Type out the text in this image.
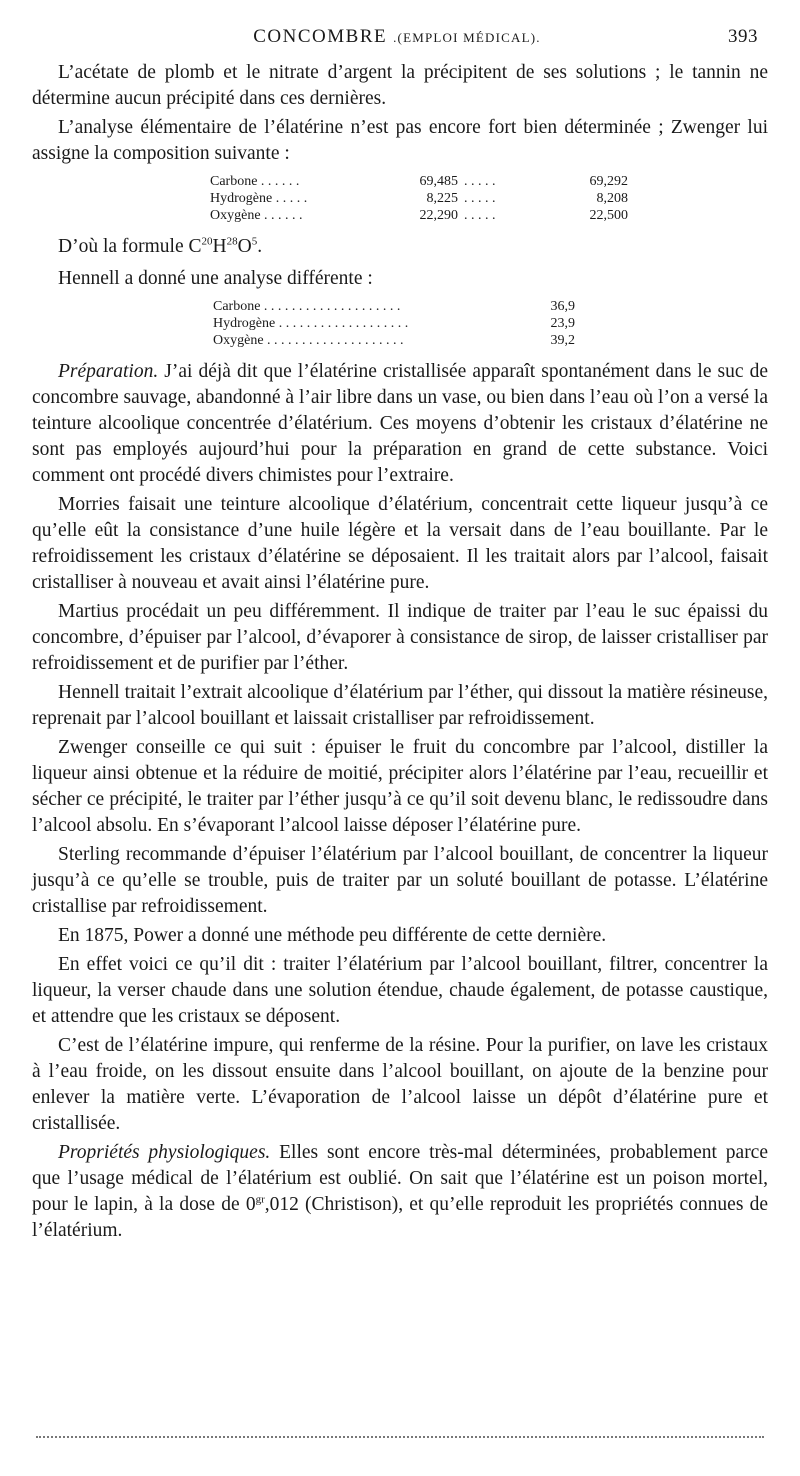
CONCOMBRE .(EMPLOI MÉDICAL).	393

L’acétate de plomb et le nitrate d’argent la précipitent de ses solutions ; le tannin ne détermine aucun précipité dans ces dernières.

L’analyse élémentaire de l’élatérine n’est pas encore fort bien déterminée ; Zwenger lui assigne la composition suivante :

Carbone . . . . . .	69,485 . . . . .	69,292
Hydrogène . . . . .	8,225 . . . . .	8,208
Oxygène . . . . . .	22,290 . . . . .	22,500

D’où la formule $C^{20}H^{28}O^5$.

Hennell a donné une analyse différente :

Carbone . . . . . . . . . . . . . . . . . . . .	36,9
Hydrogène . . . . . . . . . . . . . . . . . . .	23,9
Oxygène . . . . . . . . . . . . . . . . . . . .	39,2

Préparation. J’ai déjà dit que l’élatérine cristallisée apparaît spontanément dans le suc de concombre sauvage, abandonné à l’air libre dans un vase, ou bien dans l’eau où l’on a versé la teinture alcoolique concentrée d’élatérium. Ces moyens d’obtenir les cristaux d’élatérine ne sont pas employés aujourd’hui pour la préparation en grand de cette substance. Voici comment ont procédé divers chimistes pour l’extraire.

Morries faisait une teinture alcoolique d’élatérium, concentrait cette liqueur jusqu’à ce qu’elle eût la consistance d’une huile légère et la versait dans de l’eau bouillante. Par le refroidissement les cristaux d’élatérine se déposaient. Il les traitait alors par l’alcool, faisait cristalliser à nouveau et avait ainsi l’élatérine pure.

Martius procédait un peu différemment. Il indique de traiter par l’eau le suc épaissi du concombre, d’épuiser par l’alcool, d’évaporer à consistance de sirop, de laisser cristalliser par refroidissement et de purifier par l’éther.

Hennell traitait l’extrait alcoolique d’élatérium par l’éther, qui dissout la matière résineuse, reprenait par l’alcool bouillant et laissait cristalliser par refroidissement.

Zwenger conseille ce qui suit : épuiser le fruit du concombre par l’alcool, distiller la liqueur ainsi obtenue et la réduire de moitié, précipiter alors l’élatérine par l’eau, recueillir et sécher ce précipité, le traiter par l’éther jusqu’à ce qu’il soit devenu blanc, le redissoudre dans l’alcool absolu. En s’évaporant l’alcool laisse déposer l’élatérine pure.

Sterling recommande d’épuiser l’élatérium par l’alcool bouillant, de concentrer la liqueur jusqu’à ce qu’elle se trouble, puis de traiter par un soluté bouillant de potasse. L’élatérine cristallise par refroidissement.

En 1875, Power a donné une méthode peu différente de cette dernière.

En effet voici ce qu’il dit : traiter l’élatérium par l’alcool bouillant, filtrer, concentrer la liqueur, la verser chaude dans une solution étendue, chaude également, de potasse caustique, et attendre que les cristaux se déposent.

C’est de l’élatérine impure, qui renferme de la résine. Pour la purifier, on lave les cristaux à l’eau froide, on les dissout ensuite dans l’alcool bouillant, on ajoute de la benzine pour enlever la matière verte. L’évaporation de l’alcool laisse un dépôt d’élatérine pure et cristallisée.

Propriétés physiologiques. Elles sont encore très-mal déterminées, probablement parce que l’usage médical de l’élatérium est oublié. On sait que l’élatérine est un poison mortel, pour le lapin, à la dose de $0^{gr},012$ (Christison), et qu’elle reproduit les propriétés connues de l’élatérium.
